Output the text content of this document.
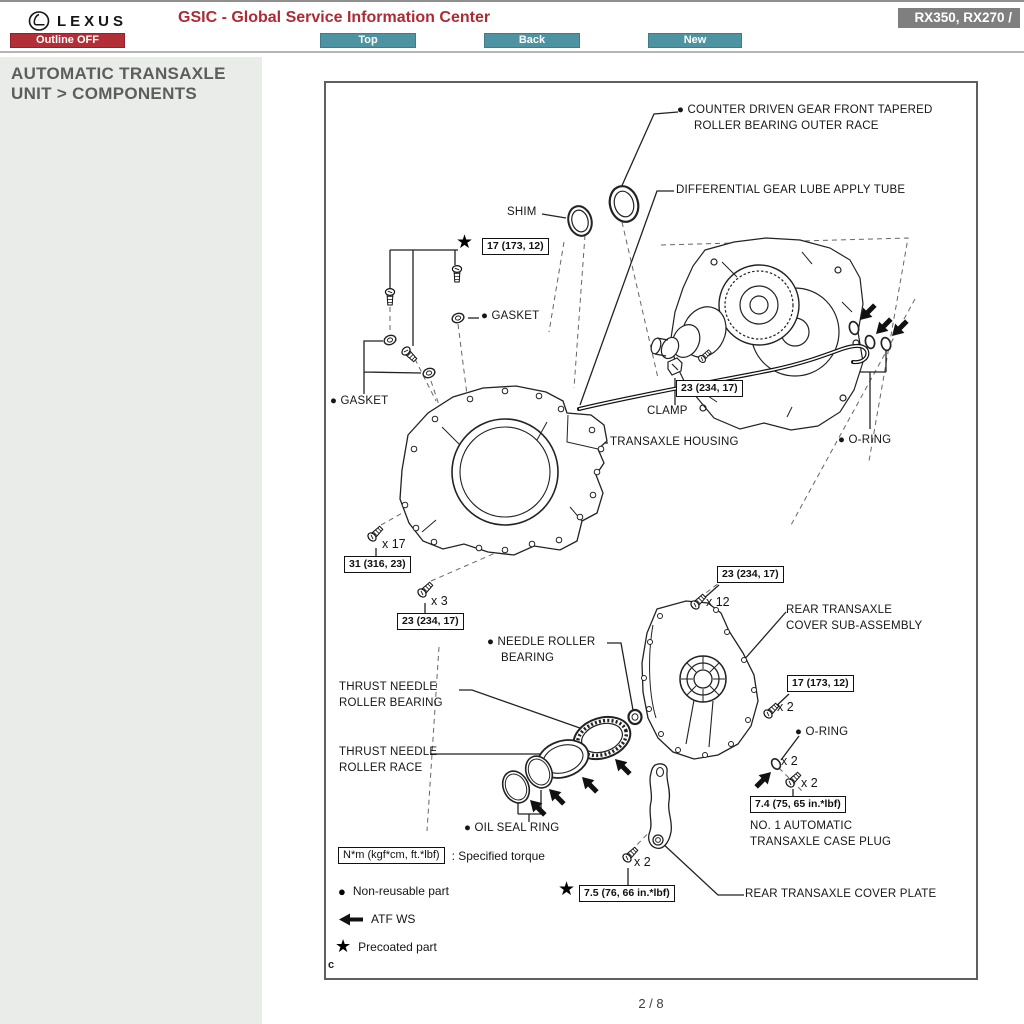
LEXUS	GSIC - Global Service Information Center	RX350, RX270 /
Outline OFF	Top	Back	New
AUTOMATIC TRANSAXLE
UNIT > COMPONENTS
● COUNTER DRIVEN GEAR FRONT TAPERED
ROLLER BEARING OUTER RACE
DIFFERENTIAL GEAR LUBE APPLY TUBE
SHIM
● GASKET
● GASKET
CLAMP
TRANSAXLE HOUSING	● O-RING
REAR TRANSAXLE
COVER SUB-ASSEMBLY
● NEEDLE ROLLER
BEARING
THRUST NEEDLE
ROLLER BEARING
● O-RING
THRUST NEEDLE
ROLLER RACE
NO. 1 AUTOMATIC
TRANSAXLE CASE PLUG
● OIL SEAL RING
REAR TRANSAXLE COVER PLATE
x 17
x 3	x 12
x 2
x 2
x 2
x 2
★	17 (173, 12)
23 (234, 17)
31 (316, 23)
23 (234, 17)
23 (234, 17)
17 (173, 12)
7.4 (75, 65 in.*lbf)
★ 7.5 (76, 66 in.*lbf)
N*m (kgf*cm, ft.*lbf)	: Specified torque
● Non-reusable part
ATF WS
★ Precoated part
c
2 / 8
